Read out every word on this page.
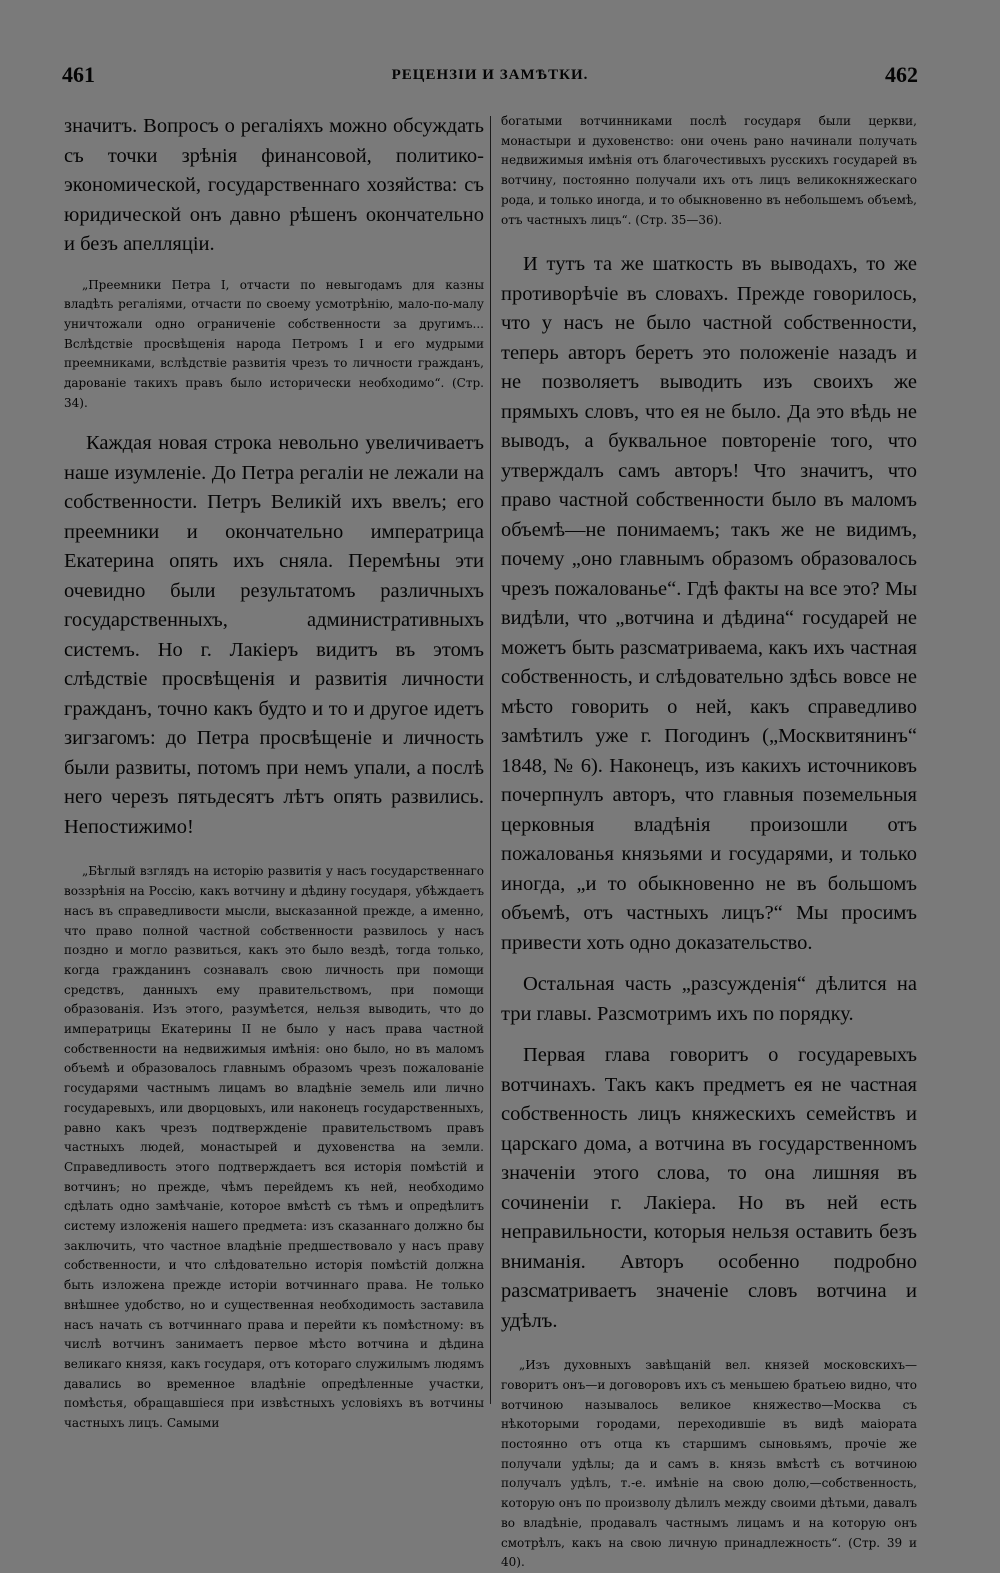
461	РЕЦЕНЗІИ И ЗАМѢТКИ.	462

значитъ. Вопросъ о регаліяхъ можно обсуждать съ точки зрѣнія финансовой, политико-экономической, государственнаго хозяйства: съ юридической онъ давно рѣшенъ окончательно и безъ апелляціи.

„Преемники Петра I, отчасти по невыгодамъ для казны владѣть регаліями, отчасти по своему усмотрѣнію, мало-по-малу уничтожали одно ограниченіе собственности за другимъ... Вслѣдствіе просвѣщенія народа Петромъ I и его мудрыми преемниками, вслѣдствіе развитія чрезъ то личности гражданъ, дарованіе такихъ правъ было исторически необходимо“. (Стр. 34).

Каждая новая строка невольно увеличиваетъ наше изумленіе. До Петра регаліи не лежали на собственности. Петръ Великій ихъ ввелъ; его преемники и окончательно императрица Екатерина опять ихъ сняла. Перемѣны эти очевидно были результатомъ различныхъ государственныхъ, административныхъ системъ. Но г. Лакіеръ видитъ въ этомъ слѣдствіе просвѣщенія и развитія личности гражданъ, точно какъ будто и то и другое идетъ зигзагомъ: до Петра просвѣщеніе и личность были развиты, потомъ при немъ упали, а послѣ него черезъ пятьдесятъ лѣтъ опять развились. Непостижимо!

„Бѣглый взглядъ на исторію развитія у насъ государственнаго воззрѣнія на Россію, какъ вотчину и дѣдину государя, убѣждаетъ насъ въ справедливости мысли, высказанной прежде, а именно, что право полной частной собственности развилось у насъ поздно и могло развиться, какъ это было вездѣ, тогда только, когда гражданинъ сознавалъ свою личность при помощи средствъ, данныхъ ему правительствомъ, при помощи образованія. Изъ этого, разумѣется, нельзя выводить, что до императрицы Екатерины II не было у насъ права частной собственности на недвижимыя имѣнія: оно было, но въ маломъ объемѣ и образовалось главнымъ образомъ чрезъ пожалованіе государями частнымъ лицамъ во владѣніе земель или лично государевыхъ, или дворцовыхъ, или наконецъ государственныхъ, равно какъ чрезъ подтвержденіе правительствомъ правъ частныхъ людей, монастырей и духовенства на земли. Справедливость этого подтверждаетъ вся исторія помѣстій и вотчинъ; но прежде, чѣмъ перейдемъ къ ней, необходимо сдѣлать одно замѣчаніе, которое вмѣстѣ съ тѣмъ и опредѣлитъ систему изложенія нашего предмета: изъ сказаннаго должно бы заключить, что частное владѣніе предшествовало у насъ праву собственности, и что слѣдовательно исторія помѣстій должна быть изложена прежде исторіи вотчиннаго права. Не только внѣшнее удобство, но и существенная необходимость заставила насъ начать съ вотчиннаго права и перейти къ помѣстному: въ числѣ вотчинъ занимаетъ первое мѣсто вотчина и дѣдина великаго князя, какъ государя, отъ котораго служилымъ людямъ давались во временное владѣніе опредѣленные участки, помѣстья, обращавшіеся при извѣстныхъ условіяхъ въ вотчины частныхъ лицъ. Самыми

богатыми вотчинниками послѣ государя были церкви, монастыри и духовенство: они очень рано начинали получать недвижимыя имѣнія отъ благочестивыхъ русскихъ государей въ вотчину, постоянно получали ихъ отъ лицъ великокняжескаго рода, и только иногда, и то обыкновенно въ небольшемъ объемѣ, отъ частныхъ лицъ“. (Стр. 35—36).

И тутъ та же шаткость въ выводахъ, то же противорѣчіе въ словахъ. Прежде говорилось, что у насъ не было частной собственности, теперь авторъ беретъ это положеніе назадъ и не позволяетъ выводить изъ своихъ же прямыхъ словъ, что ея не было. Да это вѣдь не выводъ, а буквальное повтореніе того, что утверждалъ самъ авторъ! Что значитъ, что право частной собственности было въ маломъ объемѣ—не понимаемъ; такъ же не видимъ, почему „оно главнымъ образомъ образовалось чрезъ пожалованье“. Гдѣ факты на все это? Мы видѣли, что „вотчина и дѣдина“ государей не можетъ быть разсматриваема, какъ ихъ частная собственность, и слѣдовательно здѣсь вовсе не мѣсто говорить о ней, какъ справедливо замѣтилъ уже г. Погодинъ („Москвитянинъ“ 1848, № 6). Наконецъ, изъ какихъ источниковъ почерпнулъ авторъ, что главныя поземельныя церковныя владѣнія произошли отъ пожалованья князьями и государями, и только иногда, „и то обыкновенно не въ большомъ объемѣ, отъ частныхъ лицъ?“ Мы просимъ привести хоть одно доказательство.

Остальная часть „разсужденія“ дѣлится на три главы. Разсмотримъ ихъ по порядку.

Первая глава говоритъ о государевыхъ вотчинахъ. Такъ какъ предметъ ея не частная собственность лицъ княжескихъ семействъ и царскаго дома, а вотчина въ государственномъ значеніи этого слова, то она лишняя въ сочиненіи г. Лакіера. Но въ ней есть неправильности, которыя нельзя оставить безъ вниманія. Авторъ особенно подробно разсматриваетъ значеніе словъ вотчина и удѣлъ.

„Изъ духовныхъ завѣщаній вел. князей московскихъ—говоритъ онъ—и договоровъ ихъ съ меньшею братьею видно, что вотчиною называлось великое княжество—Москва съ нѣкоторыми городами, переходившіе въ видѣ маіората постоянно отъ отца къ старшимъ сыновьямъ, прочіе же получали удѣлы; да и самъ в. князь вмѣстѣ съ вотчиною получалъ удѣлъ, т.-е. имѣніе на свою долю,—собственность, которую онъ по произволу дѣлилъ между своими дѣтьми, давалъ во владѣніе, продавалъ частнымъ лицамъ и на которую онъ смотрѣлъ, какъ на свою личную принадлежность“. (Стр. 39 и 40).
